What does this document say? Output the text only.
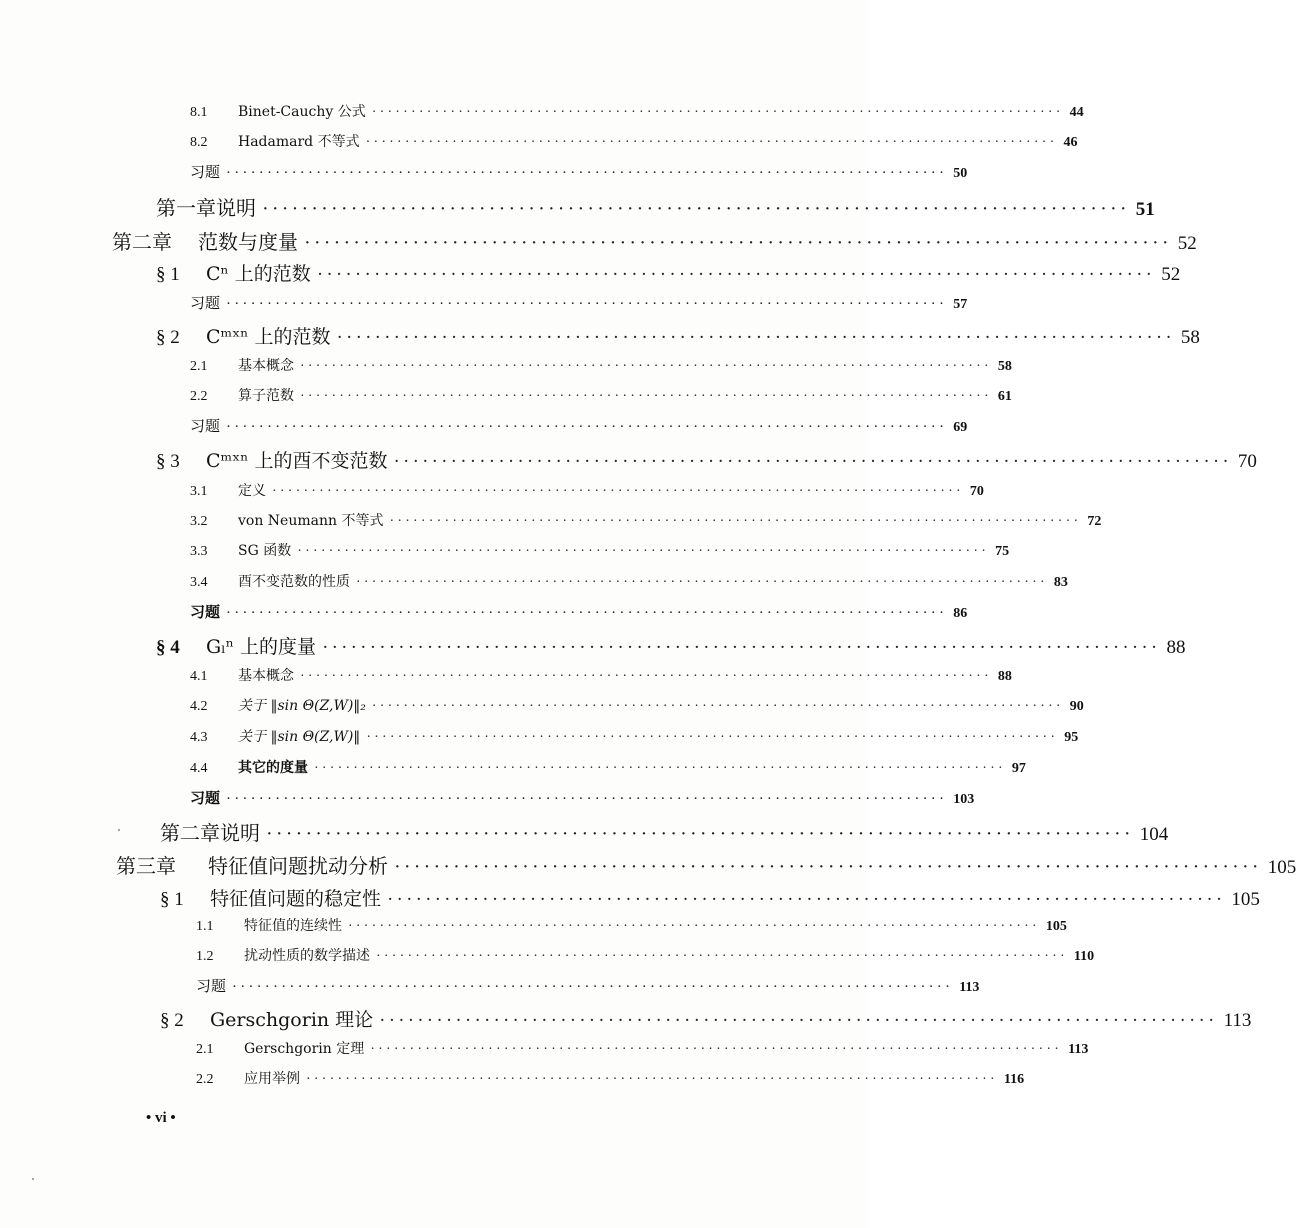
8.1	Binet-Cauchy 公式 ························································································ 44
8.2	Hadamard 不等式 ························································································ 46
习题 ························································································ 50
第一章说明 ························································································ 51
第二章	范数与度量 ························································································ 52
§ 1	Cⁿ 上的范数 ························································································ 52
习题 ························································································ 57
§ 2	Cᵐˣⁿ 上的范数 ························································································ 58
2.1	基本概念 ························································································ 58
2.2	算子范数 ························································································ 61
习题 ························································································ 69
§ 3	Cᵐˣⁿ 上的酉不变范数 ························································································ 70
3.1	定义 ························································································ 70
3.2	von Neumann 不等式 ························································································ 72
3.3	SG 函数 ························································································ 75
3.4	酉不变范数的性质 ························································································ 83
习题 ························································································ 86
§ 4	Gₗⁿ 上的度量 ························································································ 88
4.1	基本概念 ························································································ 88
4.2	关于 ‖sin Θ(Z,W)‖₂ ························································································ 90
4.3	关于 ‖sin Θ(Z,W)‖ ························································································ 95
4.4	其它的度量 ························································································ 97
习题 ························································································ 103
第二章说明 ························································································ 104
第三章	特征值问题扰动分析 ························································································ 105
§ 1	特征值问题的稳定性 ························································································ 105
1.1	特征值的连续性 ························································································ 105
1.2	扰动性质的数学描述 ························································································ 110
习题 ························································································ 113
§ 2	Gerschgorin 理论 ························································································ 113
2.1	Gerschgorin 定理 ························································································ 113
2.2	应用举例 ························································································ 116
• vi •
